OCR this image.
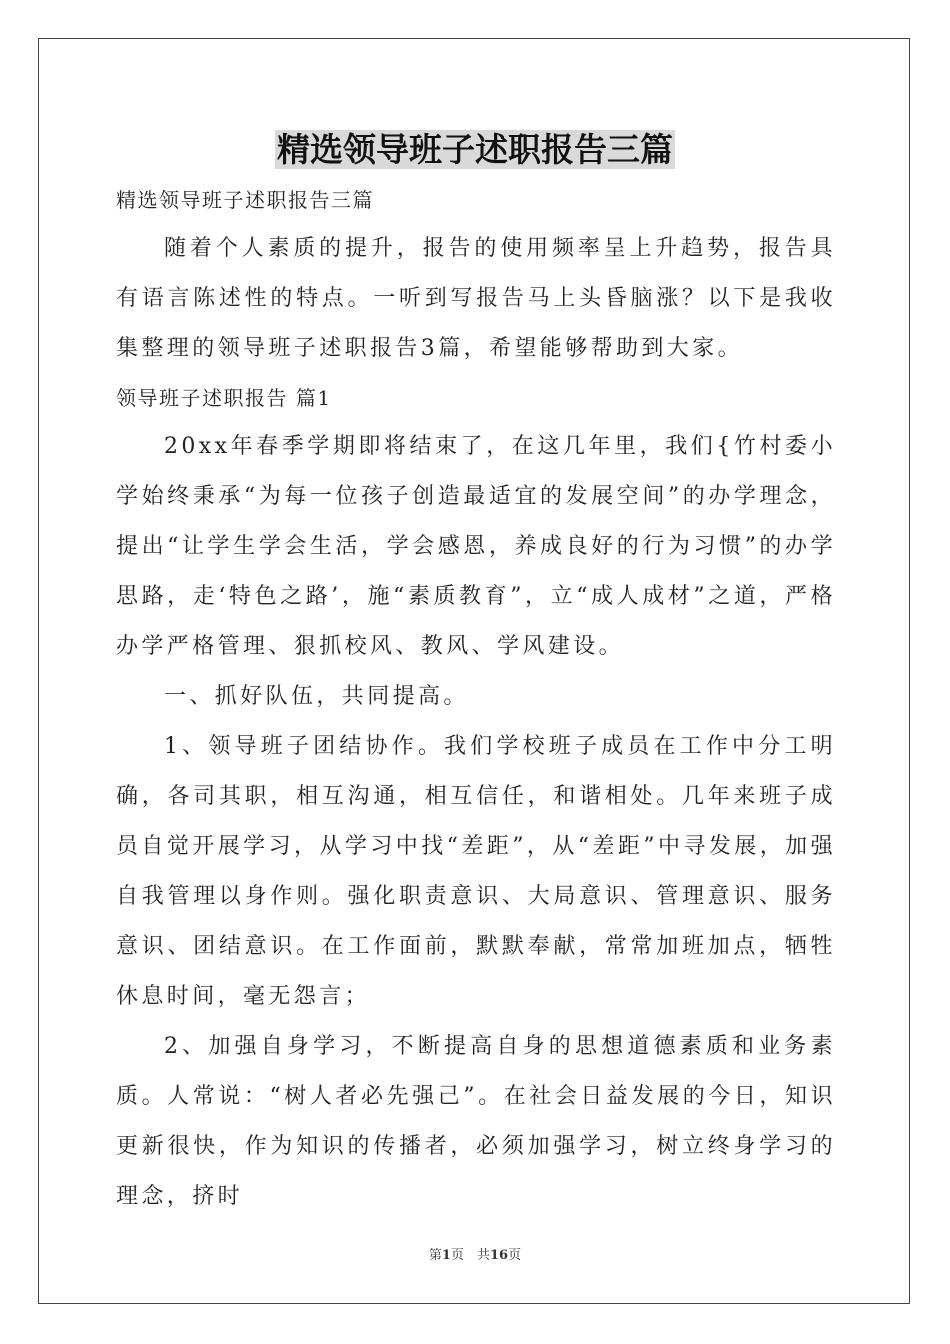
精选领导班子述职报告三篇

精选领导班子述职报告三篇

随着个人素质的提升，报告的使用频率呈上升趋势，报告具有语言陈述性的特点。一听到写报告马上头昏脑涨？以下是我收集整理的领导班子述职报告3篇，希望能够帮助到大家。

领导班子述职报告 篇1

20xx年春季学期即将结束了，在这几年里，我们{竹村委小学始终秉承“为每一位孩子创造最适宜的发展空间”的办学理念，提出“让学生学会生活，学会感恩，养成良好的行为习惯”的办学思路，走‘特色之路’，施“素质教育”，立“成人成材”之道，严格办学严格管理、狠抓校风、教风、学风建设。

一、抓好队伍，共同提高。

1、领导班子团结协作。我们学校班子成员在工作中分工明确，各司其职，相互沟通，相互信任，和谐相处。几年来班子成员自觉开展学习，从学习中找“差距”，从“差距”中寻发展，加强自我管理以身作则。强化职责意识、大局意识、管理意识、服务意识、团结意识。在工作面前，默默奉献，常常加班加点，牺牲休息时间，毫无怨言；

2、加强自身学习，不断提高自身的思想道德素质和业务素质。人常说：“树人者必先强己”。在社会日益发展的今日，知识更新很快，作为知识的传播者，必须加强学习，树立终身学习的理念，挤时

第1页　共16页
